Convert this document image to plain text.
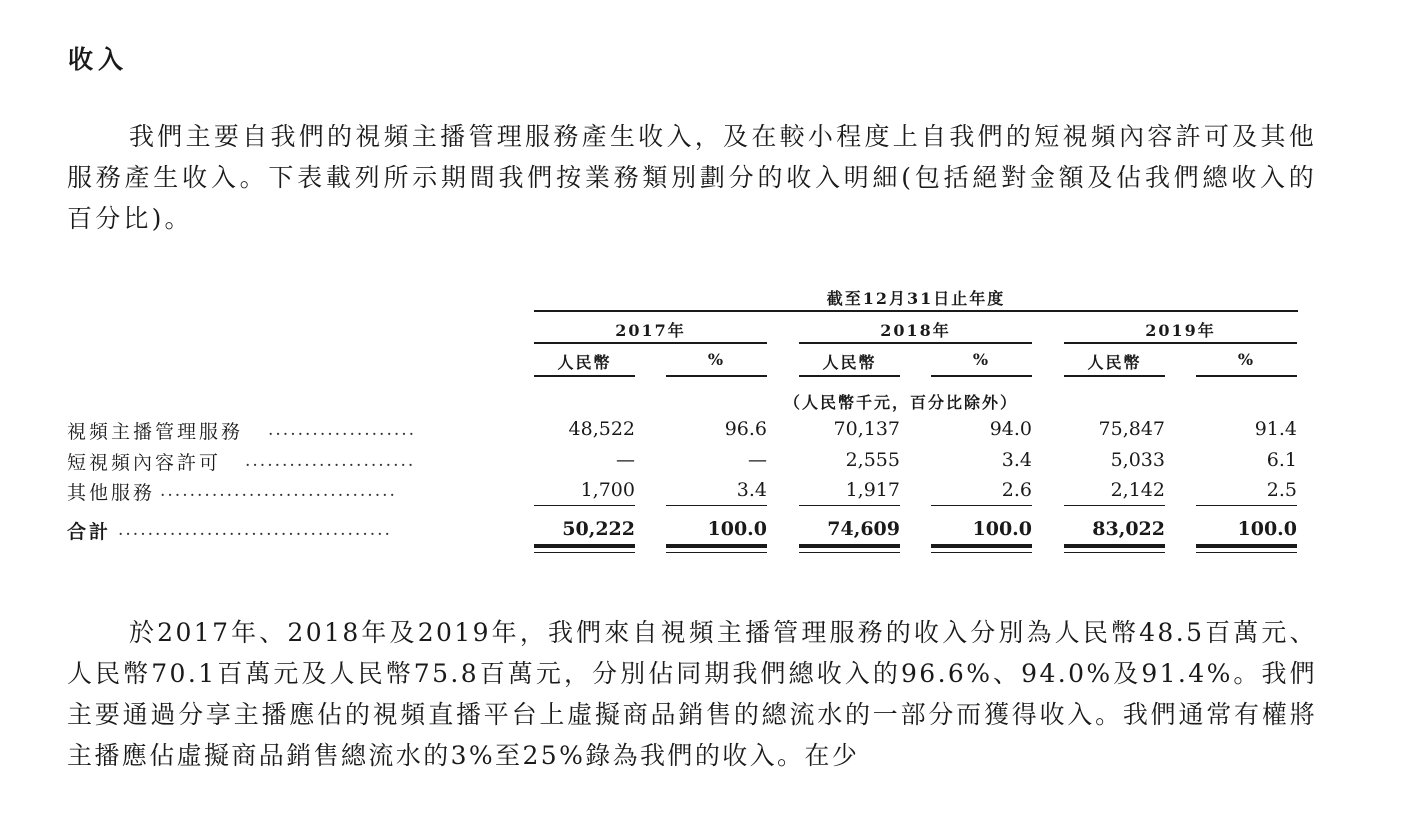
收入

我們主要自我們的視頻主播管理服務產生收入，及在較小程度上自我們的短視頻內容許可及其他服務產生收入。下表載列所示期間我們按業務類別劃分的收入明細(包括絕對金額及佔我們總收入的百分比)。

截至12月31日止年度
2017年	2018年	2019年
人民幣	%	人民幣	%	人民幣	%
（人民幣千元，百分比除外）
視頻主播管理服務 ....................	48,522	96.6	70,137	94.0	75,847	91.4
短視頻內容許可 .......................	—	—	2,555	3.4	5,033	6.1
其他服務 ................................	1,700	3.4	1,917	2.6	2,142	2.5
合計 .....................................	50,222	100.0	74,609	100.0	83,022	100.0

於2017年、2018年及2019年，我們來自視頻主播管理服務的收入分別為人民幣48.5百萬元、人民幣70.1百萬元及人民幣75.8百萬元，分別佔同期我們總收入的96.6%、94.0%及91.4%。我們主要通過分享主播應佔的視頻直播平台上虛擬商品銷售的總流水的一部分而獲得收入。我們通常有權將主播應佔虛擬商品銷售總流水的3%至25%錄為我們的收入。在少
